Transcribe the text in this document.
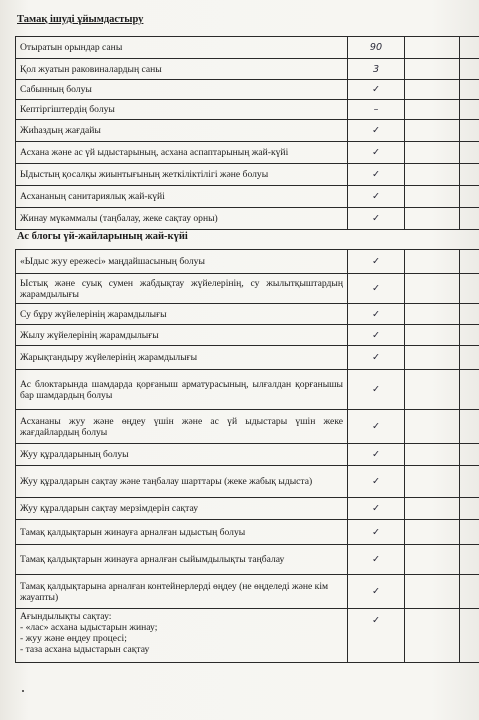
Тамақ ішуді ұйымдастыру
Отыратын орындар саны	90		
Қол жуатын раковиналардың саны	3		
Сабынның болуы	✓		
Кептіргіштердің болуы	–		
Жиһаздың жағдайы	✓		
Асхана және ас үй ыдыстарының, асхана аспаптарының жай-күйі	✓		
Ыдыстың қосалқы жиынтығының жеткіліктілігі және болуы	✓		
Асхананың санитариялық жай-күйі	✓		
Жинау мүкәммалы (таңбалау, жеке сақтау орны)	✓		
Ас блогы үй-жайларының жай-күйі
«Ыдыс жуу ережесі» маңдайшасының болуы	✓		
Ыстық және суық сумен жабдықтау жүйелерінің, су жылытқыштардың жарамдылығы	✓		
Су бұру жүйелерінің жарамдылығы	✓		
Жылу жүйелерінің жарамдылығы	✓		
Жарықтандыру жүйелерінің жарамдылығы	✓		
Ас блоктарында шамдарда қорғаныш арматурасының, ылғалдан қорғанышы бар шамдардың болуы	✓		
Асхананы жуу және өңдеу үшін және ас үй ыдыстары үшін жеке жағдайлардың болуы	✓		
Жуу құралдарының болуы	✓		
Жуу құралдарын сақтау және таңбалау шарттары (жеке жабық ыдыста)	✓		
Жуу құралдарын сақтау мерзімдерін сақтау	✓		
Тамақ қалдықтарын жинауға арналған ыдыстың болуы	✓		
Тамақ қалдықтарын жинауға арналған сыйымдылықты таңбалау	✓		
Тамақ қалдықтарына арналған контейнерлерді өңдеу (не өңделеді және кім жауапты)	✓		
Ағындылықты сақтау:
- «лас» асхана ыдыстарын жинау;
- жуу және өңдеу процесі;
- таза асхана ыдыстарын сақтау	✓		
